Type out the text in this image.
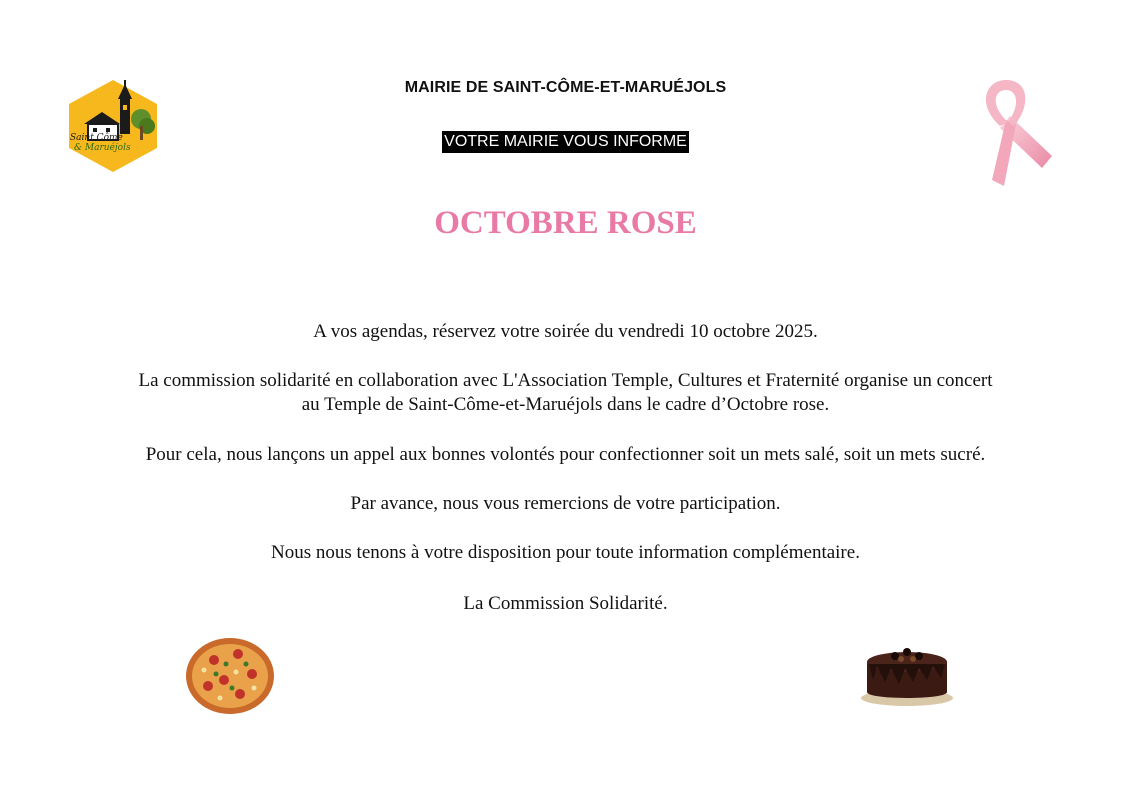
Saint Côme
& Maruéjols
MAIRIE DE SAINT-CÔME-ET-MARUÉJOLS
VOTRE MAIRIE VOUS INFORME
OCTOBRE ROSE
A vos agendas, réservez votre soirée du vendredi 10 octobre 2025.
La commission solidarité en collaboration avec L'Association Temple, Cultures et Fraternité organise un concert
au Temple de Saint-Côme-et-Maruéjols dans le cadre d’Octobre rose.
Pour cela, nous lançons un appel aux bonnes volontés pour confectionner soit un mets salé, soit un mets sucré.
Par avance, nous vous remercions de votre participation.
Nous nous tenons à votre disposition pour toute information complémentaire.
La Commission Solidarité.
